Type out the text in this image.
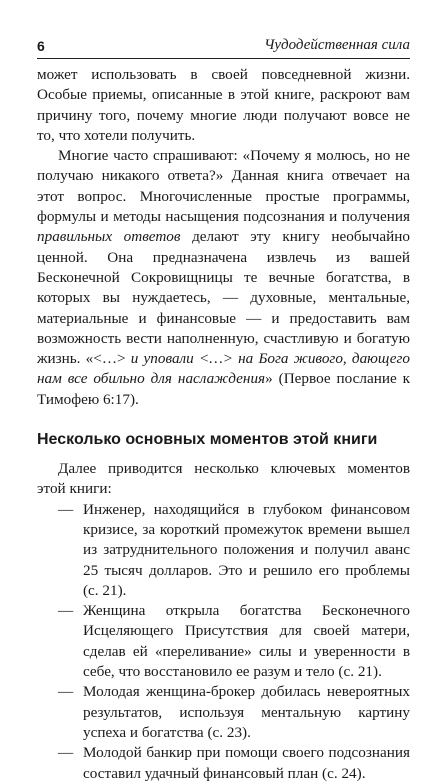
6	Чудодейственная сила

может использовать в своей повседневной жизни. Особые приемы, описанные в этой книге, раскроют вам причину того, почему многие люди получают вовсе не то, что хотели получить.

Многие часто спрашивают: «Почему я молюсь, но не получаю никакого ответа?» Данная книга отвечает на этот вопрос. Многочисленные простые программы, формулы и методы насыщения подсознания и получения правильных ответов делают эту книгу необычайно ценной. Она предназначена извлечь из вашей Бесконечной Сокровищницы те вечные богатства, в которых вы нуждаетесь, — духовные, ментальные, материальные и финансовые — и предоставить вам возможность вести наполненную, счастливую и богатую жизнь. «<…> и уповали <…> на Бога живого, дающего нам все обильно для наслаждения» (Первое послание к Тимофею 6:17).

Несколько основных моментов этой книги

Далее приводится несколько ключевых моментов этой книги:

— Инженер, находящийся в глубоком финансовом кризисе, за короткий промежуток времени вышел из затруднительного положения и получил аванс 25 тысяч долларов. Это и решило его проблемы (с. 21).
— Женщина открыла богатства Бесконечного Исцеляющего Присутствия для своей матери, сделав ей «переливание» силы и уверенности в себе, что восстановило ее разум и тело (с. 21).
— Молодая женщина-брокер добилась невероятных результатов, используя ментальную картину успеха и богатства (с. 23).
— Молодой банкир при помощи своего подсознания составил удачный финансовый план (с. 24).
